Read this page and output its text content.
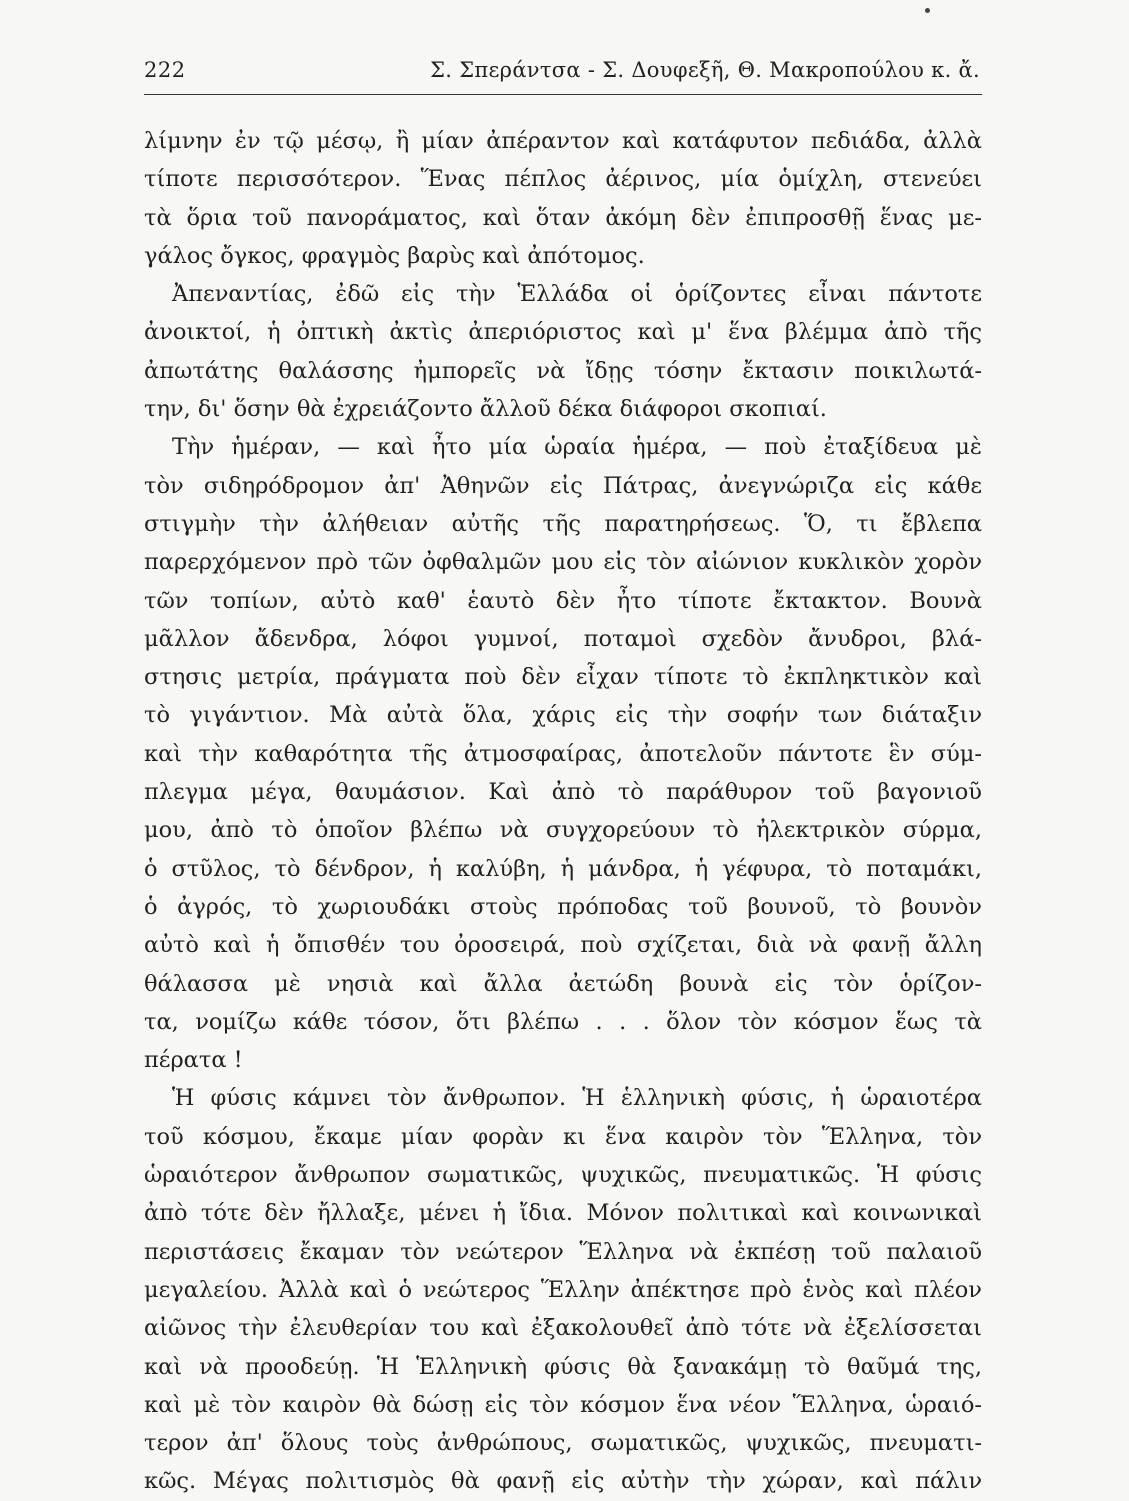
222	Σ. Σπεράντσα - Σ. Δουφεξῆ, Θ. Μακροπούλου κ. ἄ.
λίμνην ἐν τῷ μέσῳ, ἢ μίαν ἀπέραντον καὶ κατάφυτον πεδιάδα, ἀλλὰ
τίποτε περισσότερον. Ἕνας πέπλος ἀέρινος, μία ὁμίχλη, στενεύει
τὰ ὅρια τοῦ πανοράματος, καὶ ὅταν ἀκόμη δὲν ἐπιπροσθῇ ἕνας με-
γάλος ὄγκος, φραγμὸς βαρὺς καὶ ἀπότομος.
Ἀπεναντίας, ἐδῶ εἰς τὴν Ἑλλάδα οἱ ὁρίζοντες εἶναι πάντοτε
ἀνοικτοί, ἡ ὀπτικὴ ἀκτὶς ἀπεριόριστος καὶ μ' ἕνα βλέμμα ἀπὸ τῆς
ἀπωτάτης θαλάσσης ἠμπορεῖς νὰ ἴδῃς τόσην ἔκτασιν ποικιλωτά-
την, δι' ὅσην θὰ ἐχρειάζοντο ἄλλοῦ δέκα διάφοροι σκοπιαί.
Τὴν ἡμέραν, — καὶ ἦτο μία ὡραία ἡμέρα, — ποὺ ἐταξίδευα μὲ
τὸν σιδηρόδρομον ἀπ' Ἀθηνῶν εἰς Πάτρας, ἀνεγνώριζα εἰς κάθε
στιγμὴν τὴν ἀλήθειαν αὐτῆς τῆς παρατηρήσεως. Ὅ, τι ἔβλεπα
παρερχόμενον πρὸ τῶν ὀφθαλμῶν μου εἰς τὸν αἰώνιον κυκλικὸν χορὸν
τῶν τοπίων, αὐτὸ καθ' ἑαυτὸ δὲν ἦτο τίποτε ἔκτακτον. Βουνὰ
μᾶλλον ἄδενδρα, λόφοι γυμνοί, ποταμοὶ σχεδὸν ἄνυδροι, βλά-
στησις μετρία, πράγματα ποὺ δὲν εἶχαν τίποτε τὸ ἐκπληκτικὸν καὶ
τὸ γιγάντιον. Μὰ αὐτὰ ὅλα, χάρις εἰς τὴν σοφήν των διάταξιν
καὶ τὴν καθαρότητα τῆς ἀτμοσφαίρας, ἀποτελοῦν πάντοτε ἓν σύμ-
πλεγμα μέγα, θαυμάσιον. Καὶ ἀπὸ τὸ παράθυρον τοῦ βαγονιοῦ
μου, ἀπὸ τὸ ὁποῖον βλέπω νὰ συγχορεύουν τὸ ἠλεκτρικὸν σύρμα,
ὁ στῦλος, τὸ δένδρον, ἡ καλύβη, ἡ μάνδρα, ἡ γέφυρα, τὸ ποταμάκι,
ὁ ἀγρός, τὸ χωριουδάκι στοὺς πρόποδας τοῦ βουνοῦ, τὸ βουνὸν
αὐτὸ καὶ ἡ ὄπισθέν του ὀροσειρά, ποὺ σχίζεται, διὰ νὰ φανῇ ἄλλη
θάλασσα μὲ νησιὰ καὶ ἄλλα ἀετώδη βουνὰ εἰς τὸν ὁρίζον-
τα, νομίζω κάθε τόσον, ὅτι βλέπω . . . ὅλον τὸν κόσμον ἕως τὰ
πέρατα !
Ἡ φύσις κάμνει τὸν ἄνθρωπον. Ἡ ἑλληνικὴ φύσις, ἡ ὡραιοτέρα
τοῦ κόσμου, ἔκαμε μίαν φορὰν κι ἕνα καιρὸν τὸν Ἕλληνα, τὸν
ὡραιότερον ἄνθρωπον σωματικῶς, ψυχικῶς, πνευματικῶς. Ἡ φύσις
ἀπὸ τότε δὲν ἤλλαξε, μένει ἡ ἴδια. Μόνον πολιτικαὶ καὶ κοινωνικαὶ
περιστάσεις ἔκαμαν τὸν νεώτερον Ἕλληνα νὰ ἐκπέσῃ τοῦ παλαιοῦ
μεγαλείου. Ἀλλὰ καὶ ὁ νεώτερος Ἕλλην ἀπέκτησε πρὸ ἑνὸς καὶ πλέον
αἰῶνος τὴν ἐλευθερίαν του καὶ ἐξακολουθεῖ ἀπὸ τότε νὰ ἐξελίσσεται
καὶ νὰ προοδεύῃ. Ἡ Ἑλληνικὴ φύσις θὰ ξανακάμῃ τὸ θαῦμά της,
καὶ μὲ τὸν καιρὸν θὰ δώσῃ εἰς τὸν κόσμον ἕνα νέον Ἕλληνα, ὡραιό-
τερον ἀπ' ὅλους τοὺς ἀνθρώπους, σωματικῶς, ψυχικῶς, πνευματι-
κῶς. Μέγας πολιτισμὸς θὰ φανῇ εἰς αὐτὴν τὴν χώραν, καὶ πάλιν
